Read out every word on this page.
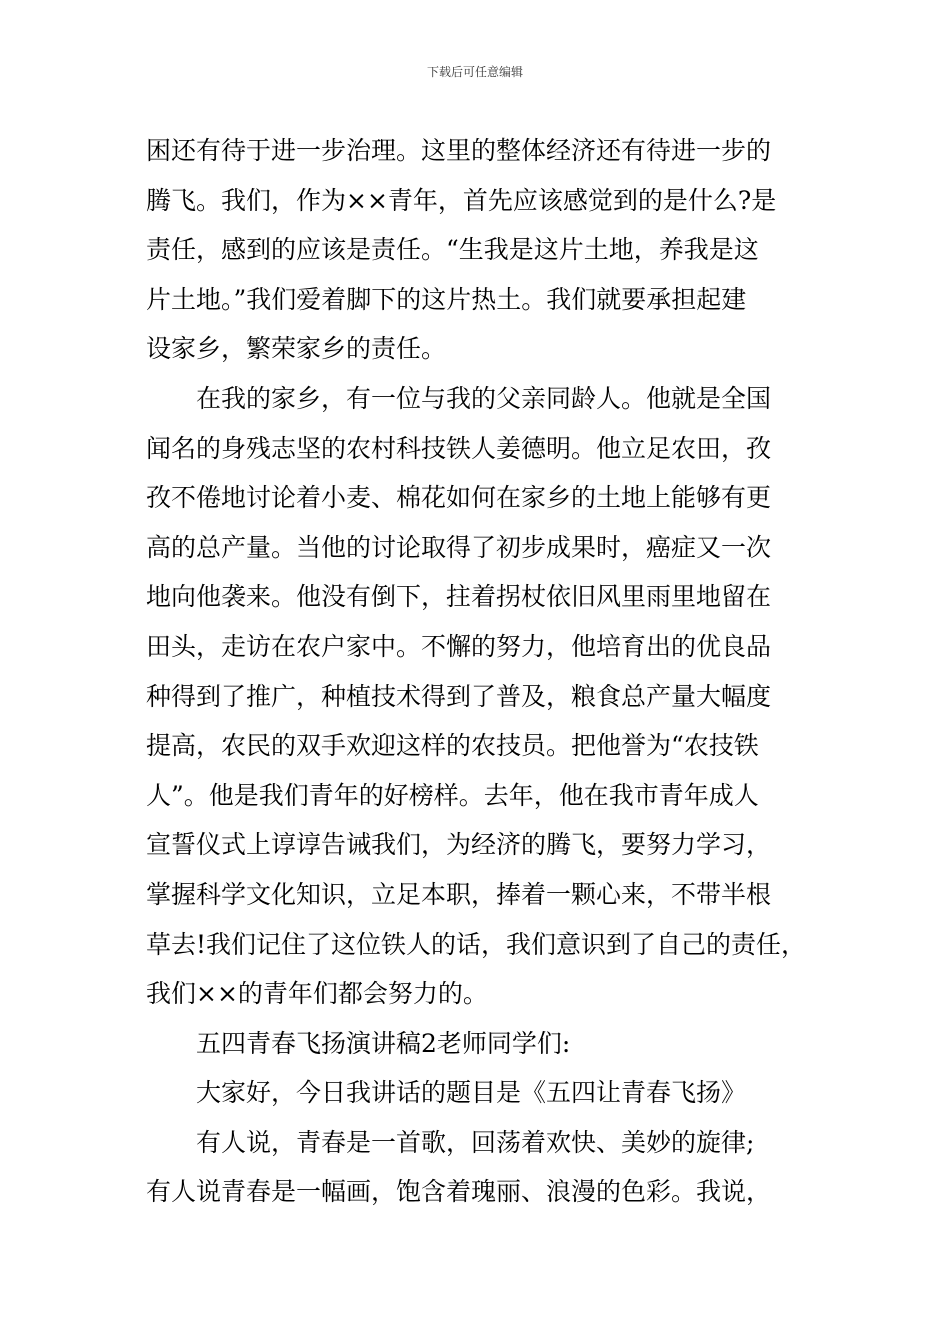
下载后可任意编辑
困还有待于进一步治理。这里的整体经济还有待进一步的
腾飞。我们，作为××青年，首先应该感觉到的是什么?是
责任，感到的应该是责任。“生我是这片土地，养我是这
片土地。”我们爱着脚下的这片热土。我们就要承担起建
设家乡，繁荣家乡的责任。
在我的家乡，有一位与我的父亲同龄人。他就是全国
闻名的身残志坚的农村科技铁人姜德明。他立足农田，孜
孜不倦地讨论着小麦、棉花如何在家乡的土地上能够有更
高的总产量。当他的讨论取得了初步成果时，癌症又一次
地向他袭来。他没有倒下，拄着拐杖依旧风里雨里地留在
田头，走访在农户家中。不懈的努力，他培育出的优良品
种得到了推广，种植技术得到了普及，粮食总产量大幅度
提高，农民的双手欢迎这样的农技员。把他誉为“农技铁
人”。他是我们青年的好榜样。去年，他在我市青年成人
宣誓仪式上谆谆告诫我们，为经济的腾飞，要努力学习，
掌握科学文化知识，立足本职，捧着一颗心来，不带半根
草去!我们记住了这位铁人的话，我们意识到了自己的责任，
我们××的青年们都会努力的。
五四青春飞扬演讲稿2老师同学们:
大家好，今日我讲话的题目是《五四让青春飞扬》
有人说，青春是一首歌，回荡着欢快、美妙的旋律;
有人说青春是一幅画，饱含着瑰丽、浪漫的色彩。我说，
